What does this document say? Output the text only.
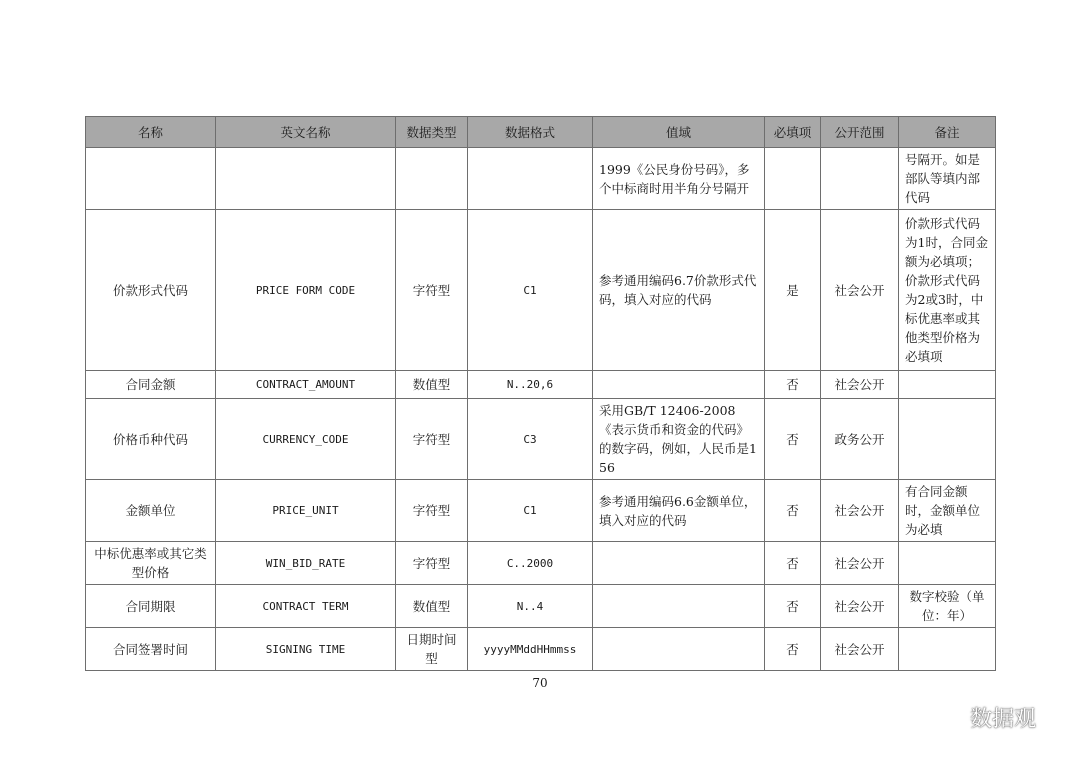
名称	英文名称	数据类型	数据格式	值域	必填项	公开范围	备注
				1999《公民身份号码》，多个中标商时用半角分号隔开			号隔开。如是部队等填内部代码
价款形式代码	PRICE FORM CODE	字符型	C1	参考通用编码6.7价款形式代码，填入对应的代码	是	社会公开	价款形式代码为1时，合同金额为必填项；价款形式代码为2或3时，中标优惠率或其他类型价格为必填项
合同金额	CONTRACT_AMOUNT	数值型	N..20,6		否	社会公开	
价格币种代码	CURRENCY_CODE	字符型	C3	采用GB/T 12406-2008《表示货币和资金的代码》的数字码，例如，人民币是156	否	政务公开	
金额单位	PRICE_UNIT	字符型	C1	参考通用编码6.6金额单位，填入对应的代码	否	社会公开	有合同金额时，金额单位为必填
中标优惠率或其它类型价格	WIN_BID_RATE	字符型	C..2000		否	社会公开	
合同期限	CONTRACT TERM	数值型	N..4		否	社会公开	数字校验（单位：年）
合同签署时间	SIGNING TIME	日期时间型	yyyyMMddHHmmss		否	社会公开	
70
数据观
